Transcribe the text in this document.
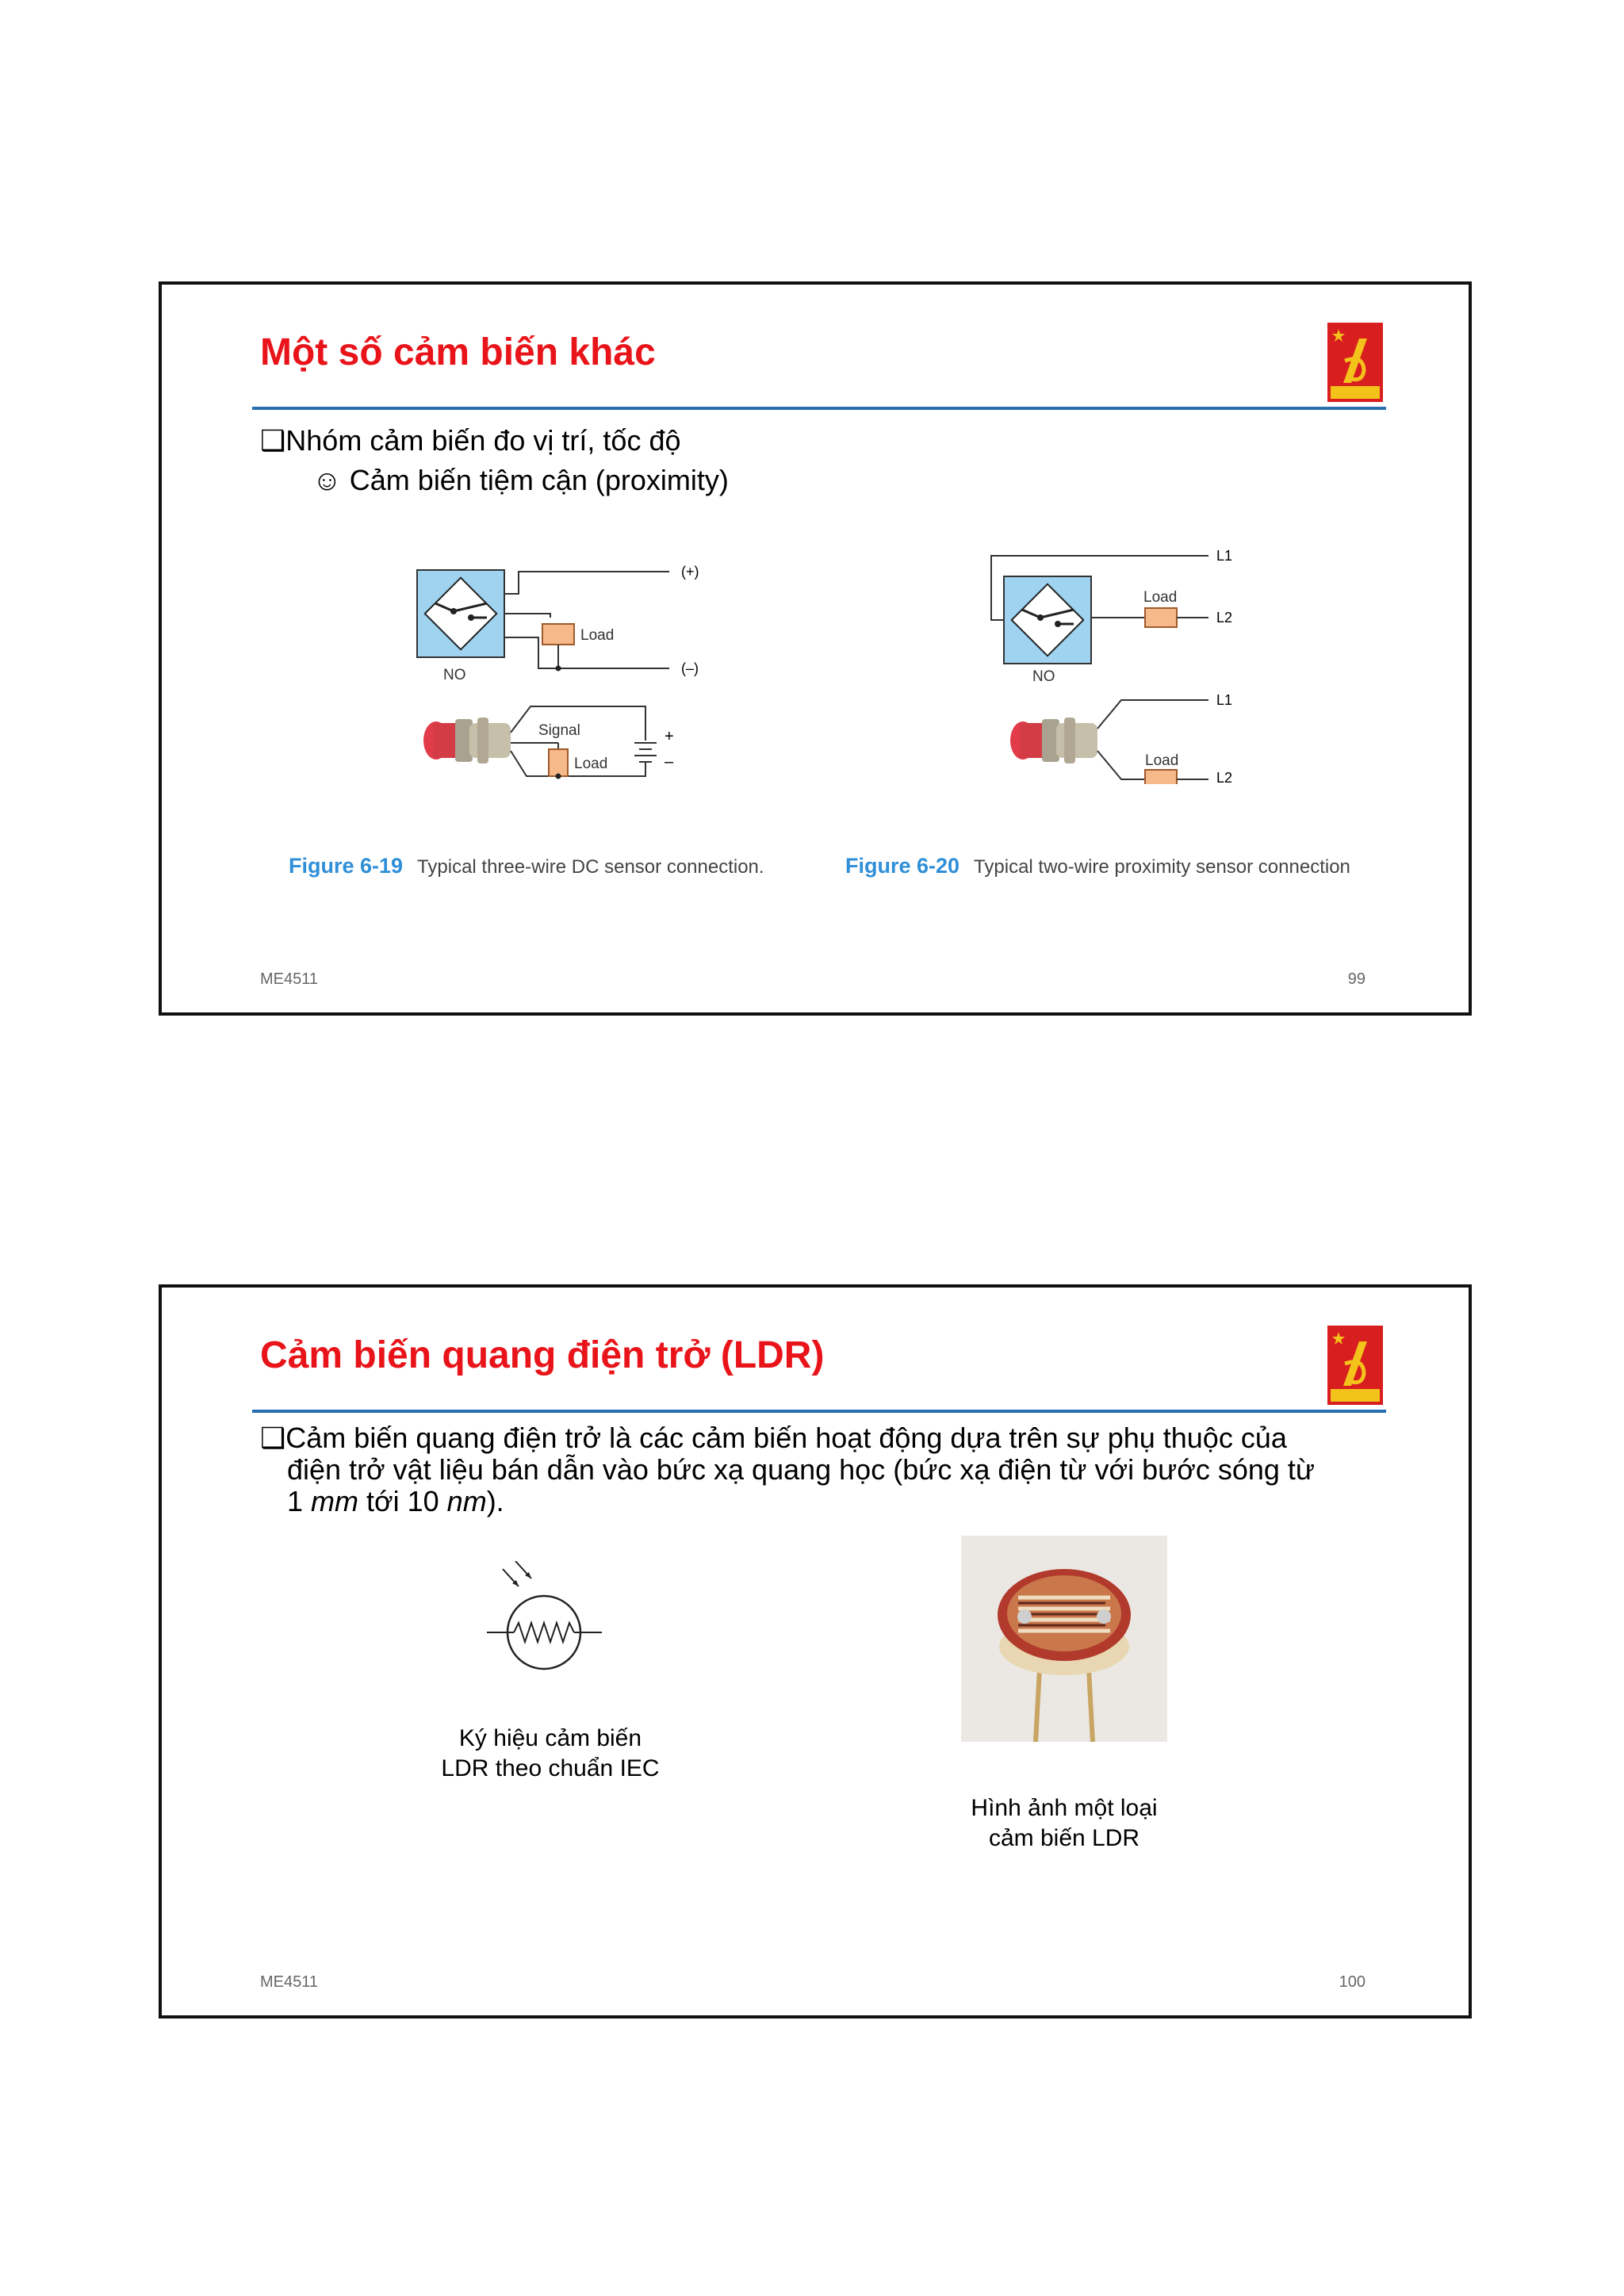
Một số cảm biến khác
❑Nhóm cảm biến đo vị trí, tốc độ
☺ Cảm biến tiệm cận (proximity)
(+)
(–)
Load
NO
Signal
Load
+
–
L1
L2
Load
NO
L1
L2
Load
Figure 6-19 Typical three-wire DC sensor connection.	Figure 6-20 Typical two-wire proximity sensor connection
ME4511	99
Cảm biến quang điện trở (LDR)
❑Cảm biến quang điện trở là các cảm biến hoạt động dựa trên sự phụ thuộc của
điện trở vật liệu bán dẫn vào bức xạ quang học (bức xạ điện từ với bước sóng từ
1 mm tới 10 nm).
Ký hiệu cảm biến
LDR theo chuẩn IEC
Hình ảnh một loại
cảm biến LDR
ME4511	100
